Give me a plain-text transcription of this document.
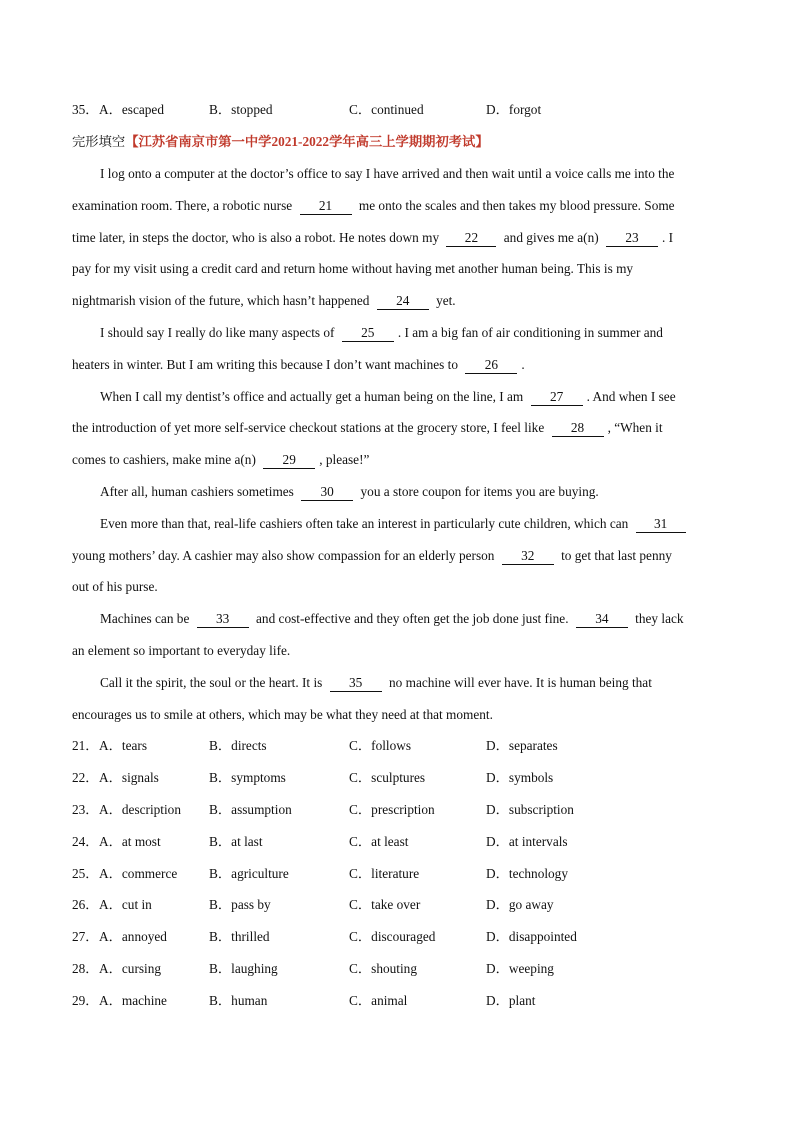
35． A．escaped	B．stopped	C．continued	D．forgot
完形填空【江苏省南京市第一中学2021-2022学年高三上学期期初考试】
I log onto a computer at the doctor’s office to say I have arrived and then wait until a voice calls me into the
examination room. There, a robotic nurse 21 me onto the scales and then takes my blood pressure. Some
time later, in steps the doctor, who is also a robot. He notes down my 22 and gives me a(n) 23 . I
pay for my visit using a credit card and return home without having met another human being. This is my
nightmarish vision of the future, which hasn’t happened 24 yet.
I should say I really do like many aspects of 25 . I am a big fan of air conditioning in summer and
heaters in winter. But I am writing this because I don’t want machines to 26 .
When I call my dentist’s office and actually get a human being on the line, I am 27 . And when I see
the introduction of yet more self-service checkout stations at the grocery store, I feel like 28 , “When it
comes to cashiers, make mine a(n) 29 , please!”
After all, human cashiers sometimes 30 you a store coupon for items you are buying.
Even more than that, real-life cashiers often take an interest in particularly cute children, which can 31
young mothers’ day. A cashier may also show compassion for an elderly person 32 to get that last penny
out of his purse.
Machines can be 33 and cost-effective and they often get the job done just fine. 34 they lack
an element so important to everyday life.
Call it the spirit, the soul or the heart. It is 35 no machine will ever have. It is human being that
encourages us to smile at others, which may be what they need at that moment.
21． A．tears	B．directs	C．follows	D．separates
22． A．signals	B．symptoms	C．sculptures	D．symbols
23． A．description B．assumption	C．prescription	D．subscription
24． A．at most	B．at last	C．at least	D．at intervals
25． A．commerce B．agriculture	C．literature	D．technology
26． A．cut in	B．pass by	C．take over	D．go away
27． A．annoyed	B．thrilled	C．discouraged	D．disappointed
28． A．cursing	B．laughing	C．shouting	D．weeping
29． A．machine	B．human	C．animal	D．plant
